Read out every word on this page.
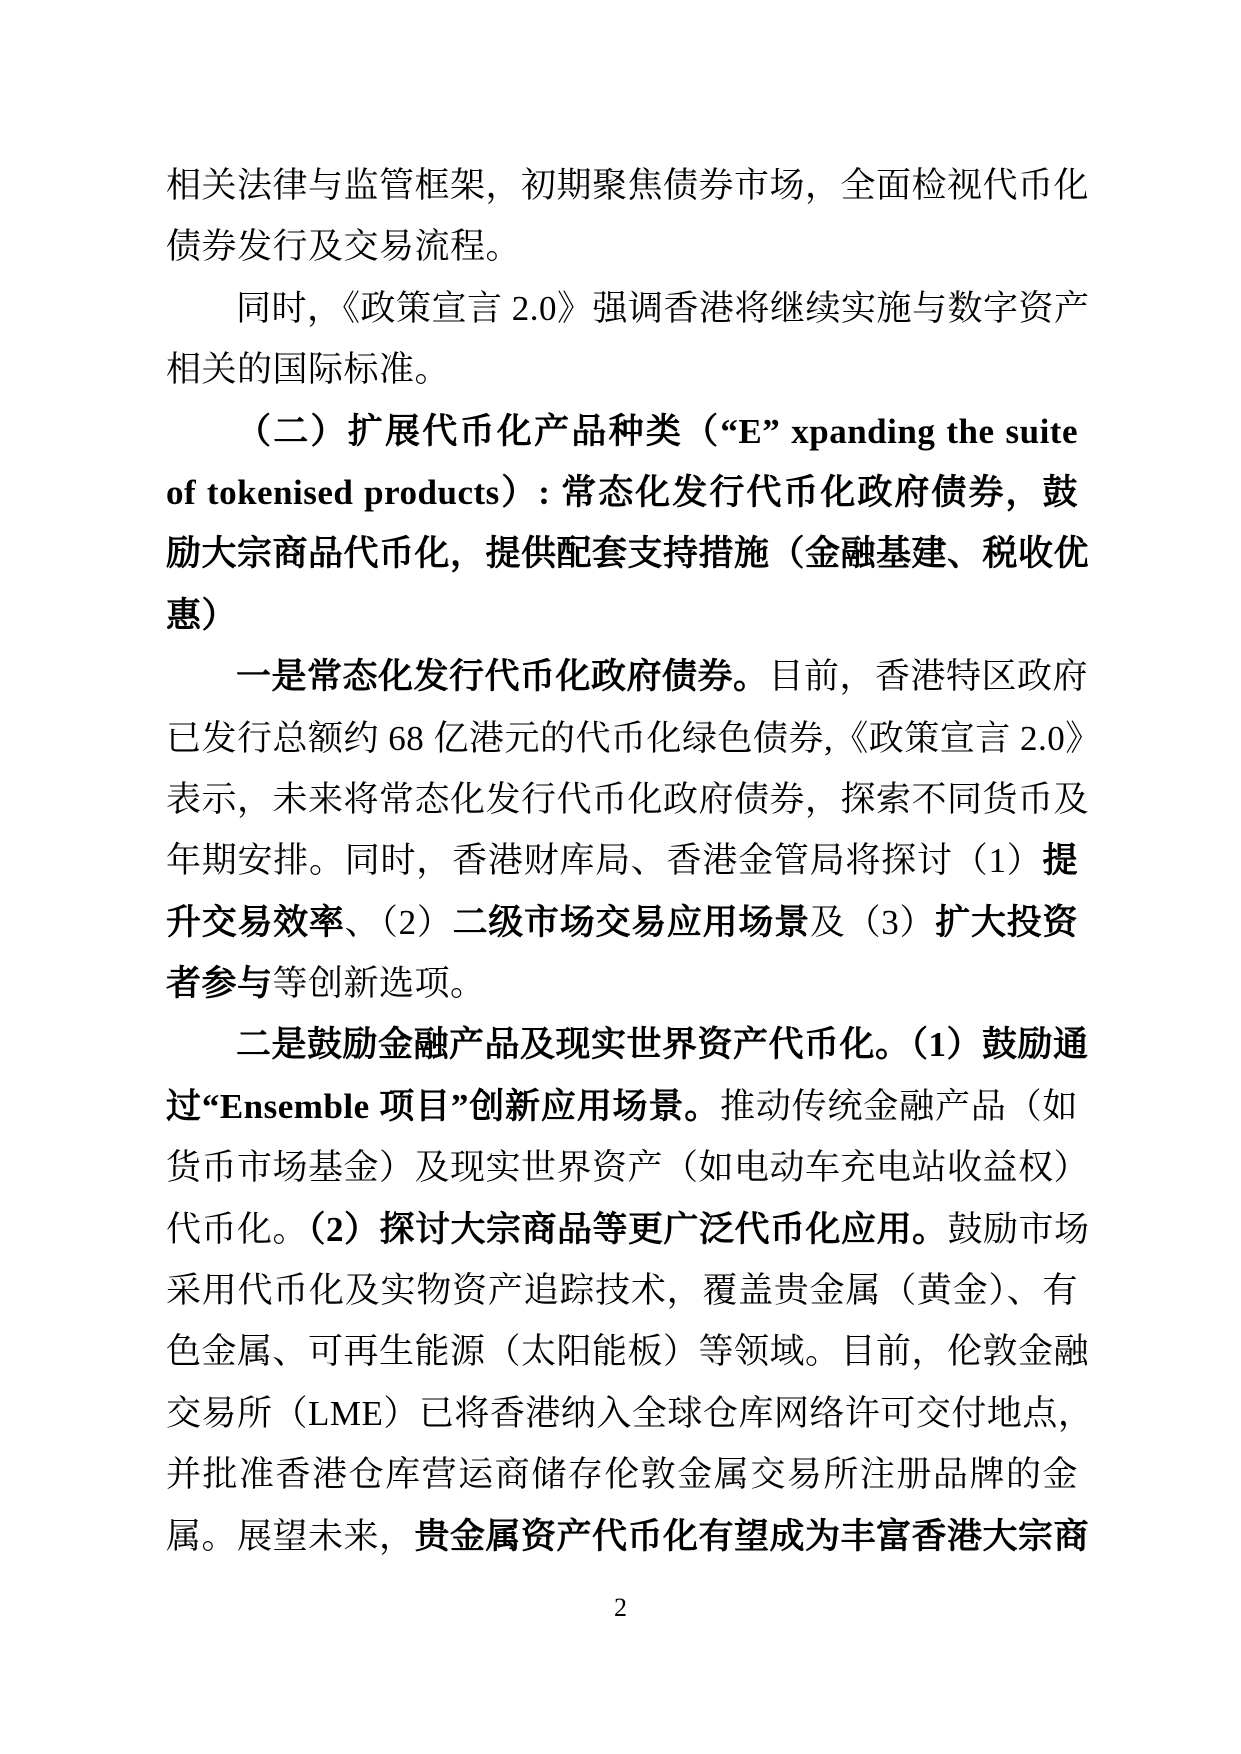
相关法律与监管框架，初期聚焦债券市场，全面检视代币化
债券发行及交易流程。
同时，《政策宣言 2.0》强调香港将继续实施与数字资产
相关的国际标准。
（二）扩展代币化产品种类（“E” xpanding the suite
of tokenised products）: 常态化发行代币化政府债券，鼓
励大宗商品代币化，提供配套支持措施（金融基建、税收优
惠）
一是常态化发行代币化政府债券。目前，香港特区政府
已发行总额约 68 亿港元的代币化绿色债券,《政策宣言 2.0》
表示，未来将常态化发行代币化政府债券，探索不同货币及
年期安排。同时，香港财库局、香港金管局将探讨（1）提
升交易效率、（2）二级市场交易应用场景及（3）扩大投资
者参与等创新选项。
二是鼓励金融产品及现实世界资产代币化。（1）鼓励通
过“Ensemble 项目”创新应用场景。推动传统金融产品（如
货币市场基金）及现实世界资产（如电动车充电站收益权）
代币化。（2）探讨大宗商品等更广泛代币化应用。鼓励市场
采用代币化及实物资产追踪技术，覆盖贵金属（黄金）、有
色金属、可再生能源（太阳能板）等领域。目前，伦敦金融
交易所（LME）已将香港纳入全球仓库网络许可交付地点，
并批准香港仓库营运商储存伦敦金属交易所注册品牌的金
属。展望未来，贵金属资产代币化有望成为丰富香港大宗商
2
